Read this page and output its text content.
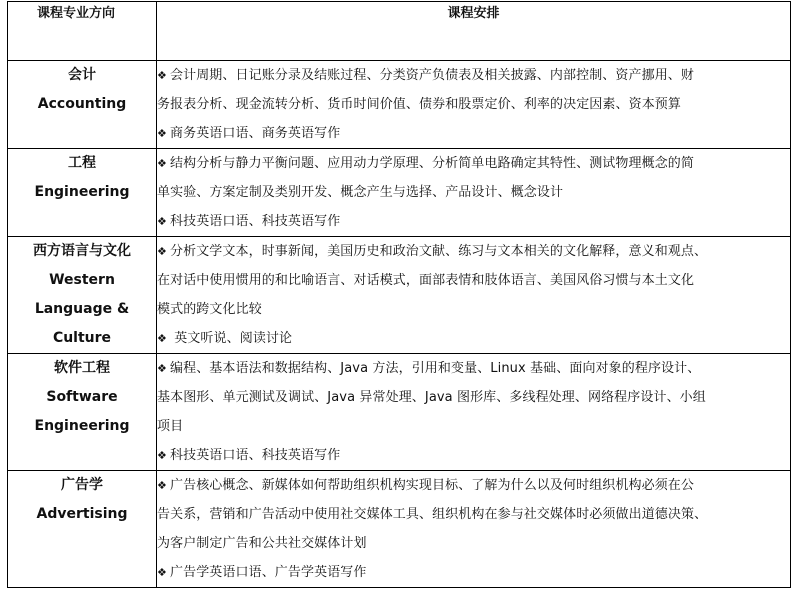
课程专业方向	课程安排

会计
Accounting	❖ 会计周期、日记账分录及结账过程、分类资产负债表及相关披露、内部控制、资产挪用、财
务报表分析、现金流转分析、货币时间价值、债券和股票定价、利率的决定因素、资本预算
❖ 商务英语口语、商务英语写作

工程
Engineering	❖ 结构分析与静力平衡问题、应用动力学原理、分析简单电路确定其特性、测试物理概念的简
单实验、方案定制及类别开发、概念产生与选择、产品设计、概念设计
❖ 科技英语口语、科技英语写作

西方语言与文化
Western
Language &
Culture	❖ 分析文学文本，时事新闻，美国历史和政治文献、练习与文本相关的文化解释，意义和观点、
在对话中使用惯用的和比喻语言、对话模式，面部表情和肢体语言、美国风俗习惯与本土文化
模式的跨文化比较
❖ 英文听说、阅读讨论

软件工程
Software
Engineering	❖ 编程、基本语法和数据结构、Java 方法，引用和变量、Linux 基础、面向对象的程序设计、
基本图形、单元测试及调试、Java 异常处理、Java 图形库、多线程处理、网络程序设计、小组
项目
❖ 科技英语口语、科技英语写作

广告学
Advertising	❖ 广告核心概念、新媒体如何帮助组织机构实现目标、了解为什么以及何时组织机构必须在公
告关系，营销和广告活动中使用社交媒体工具、组织机构在参与社交媒体时必须做出道德决策、
为客户制定广告和公共社交媒体计划
❖ 广告学英语口语、广告学英语写作
